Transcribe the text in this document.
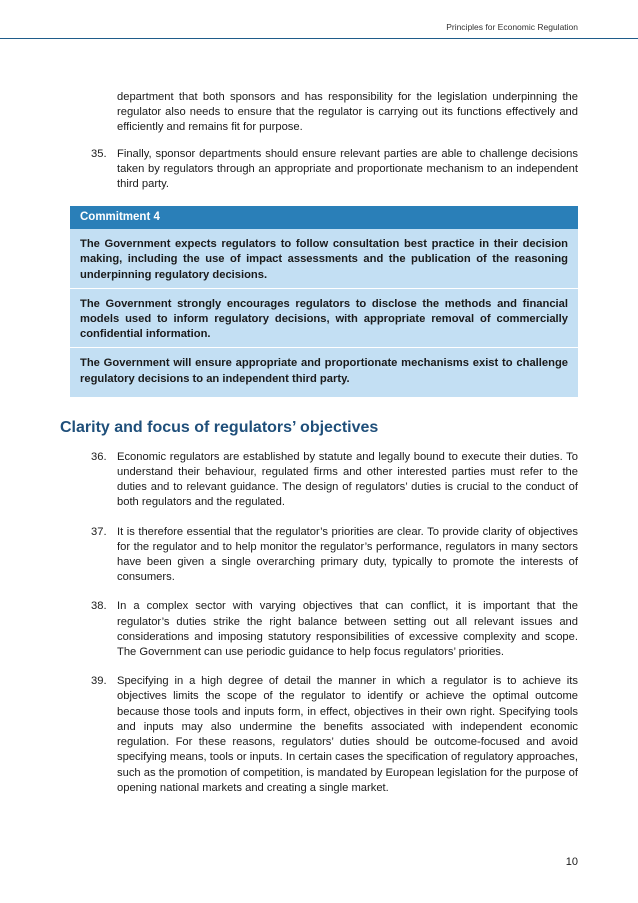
Principles for Economic Regulation

department that both sponsors and has responsibility for the legislation underpinning the regulator also needs to ensure that the regulator is carrying out its functions effectively and efficiently and remains fit for purpose.

35. Finally, sponsor departments should ensure relevant parties are able to challenge decisions taken by regulators through an appropriate and proportionate mechanism to an independent third party.
Commitment 4
The Government expects regulators to follow consultation best practice in their decision making, including the use of impact assessments and the publication of the reasoning underpinning regulatory decisions.
The Government strongly encourages regulators to disclose the methods and financial models used to inform regulatory decisions, with appropriate removal of commercially confidential information.
The Government will ensure appropriate and proportionate mechanisms exist to challenge regulatory decisions to an independent third party.
Clarity and focus of regulators’ objectives
36. Economic regulators are established by statute and legally bound to execute their duties. To understand their behaviour, regulated firms and other interested parties must refer to the duties and to relevant guidance. The design of regulators’ duties is crucial to the conduct of both regulators and the regulated.
37. It is therefore essential that the regulator’s priorities are clear. To provide clarity of objectives for the regulator and to help monitor the regulator’s performance, regulators in many sectors have been given a single overarching primary duty, typically to promote the interests of consumers.
38. In a complex sector with varying objectives that can conflict, it is important that the regulator’s duties strike the right balance between setting out all relevant issues and considerations and imposing statutory responsibilities of excessive complexity and scope. The Government can use periodic guidance to help focus regulators’ priorities.
39. Specifying in a high degree of detail the manner in which a regulator is to achieve its objectives limits the scope of the regulator to identify or achieve the optimal outcome because those tools and inputs form, in effect, objectives in their own right. Specifying tools and inputs may also undermine the benefits associated with independent economic regulation. For these reasons, regulators’ duties should be outcome-focused and avoid specifying means, tools or inputs. In certain cases the specification of regulatory approaches, such as the promotion of competition, is mandated by European legislation for the purpose of opening national markets and creating a single market.
10
